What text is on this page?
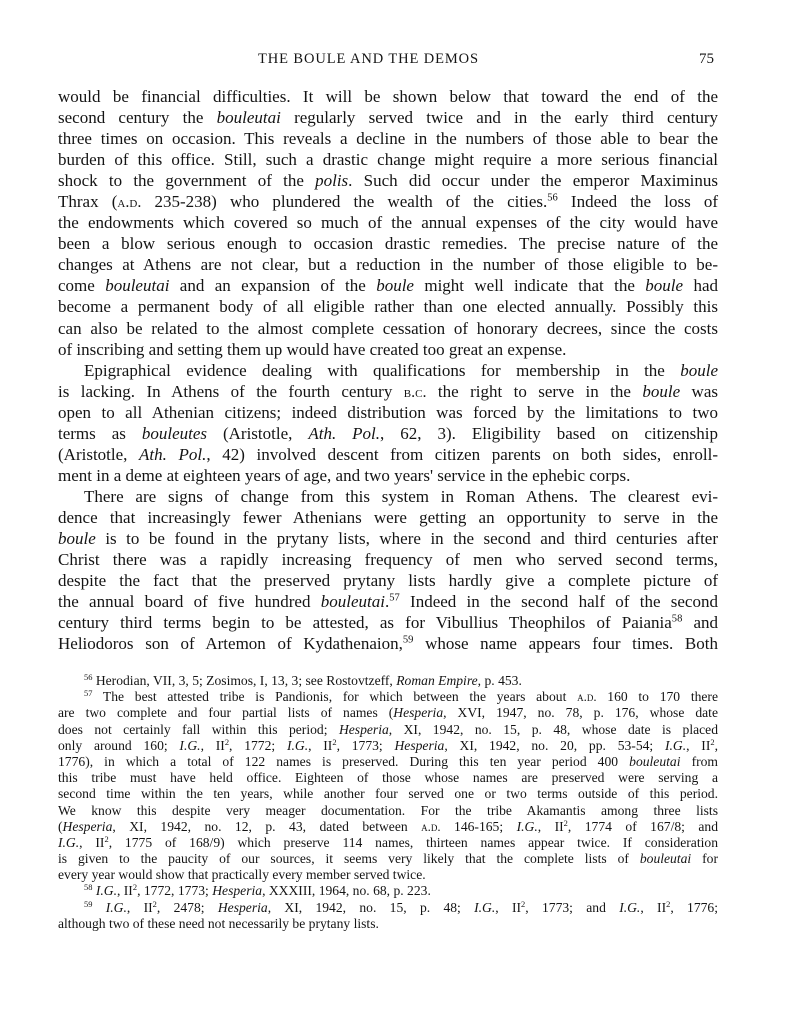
THE BOULE AND THE DEMOS	75
would be financial difficulties. It will be shown below that toward the end of the
second century the bouleutai regularly served twice and in the early third century
three times on occasion. This reveals a decline in the numbers of those able to bear the
burden of this office. Still, such a drastic change might require a more serious financial
shock to the government of the polis. Such did occur under the emperor Maximinus
Thrax (a.d. 235-238) who plundered the wealth of the cities.$^{56}$ Indeed the loss of
the endowments which covered so much of the annual expenses of the city would have
been a blow serious enough to occasion drastic remedies. The precise nature of the
changes at Athens are not clear, but a reduction in the number of those eligible to be-
come bouleutai and an expansion of the boule might well indicate that the boule had
become a permanent body of all eligible rather than one elected annually. Possibly this
can also be related to the almost complete cessation of honorary decrees, since the costs
of inscribing and setting them up would have created too great an expense.
Epigraphical evidence dealing with qualifications for membership in the boule
is lacking. In Athens of the fourth century b.c. the right to serve in the boule was
open to all Athenian citizens; indeed distribution was forced by the limitations to two
terms as bouleutes (Aristotle, Ath. Pol., 62, 3). Eligibility based on citizenship
(Aristotle, Ath. Pol., 42) involved descent from citizen parents on both sides, enroll-
ment in a deme at eighteen years of age, and two years' service in the ephebic corps.
There are signs of change from this system in Roman Athens. The clearest evi-
dence that increasingly fewer Athenians were getting an opportunity to serve in the
boule is to be found in the prytany lists, where in the second and third centuries after
Christ there was a rapidly increasing frequency of men who served second terms,
despite the fact that the preserved prytany lists hardly give a complete picture of
the annual board of five hundred bouleutai.$^{57}$ Indeed in the second half of the second
century third terms begin to be attested, as for Vibullius Theophilos of Paiania$^{58}$ and
Heliodoros son of Artemon of Kydathenaion,$^{59}$ whose name appears four times. Both
$^{56}$ Herodian, VII, 3, 5; Zosimos, I, 13, 3; see Rostovtzeff, Roman Empire, p. 453.
$^{57}$ The best attested tribe is Pandionis, for which between the years about a.d. 160 to 170 there
are two complete and four partial lists of names (Hesperia, XVI, 1947, no. 78, p. 176, whose date
does not certainly fall within this period; Hesperia, XI, 1942, no. 15, p. 48, whose date is placed
only around 160; I.G., $II^2$, 1772; I.G., $II^2$, 1773; Hesperia, XI, 1942, no. 20, pp. 53-54; I.G., $II^2$,
1776), in which a total of 122 names is preserved. During this ten year period 400 bouleutai from
this tribe must have held office. Eighteen of those whose names are preserved were serving a
second time within the ten years, while another four served one or two terms outside of this period.
We know this despite very meager documentation. For the tribe Akamantis among three lists
(Hesperia, XI, 1942, no. 12, p. 43, dated between a.d. 146-165; I.G., $II^2$, 1774 of 167/8; and
I.G., $II^2$, 1775 of 168/9) which preserve 114 names, thirteen names appear twice. If consideration
is given to the paucity of our sources, it seems very likely that the complete lists of bouleutai for
every year would show that practically every member served twice.
$^{58}$ I.G., $II^2$, 1772, 1773; Hesperia, XXXIII, 1964, no. 68, p. 223.
$^{59}$ I.G., $II^2$, 2478; Hesperia, XI, 1942, no. 15, p. 48; I.G., $II^2$, 1773; and I.G., $II^2$, 1776;
although two of these need not necessarily be prytany lists.
